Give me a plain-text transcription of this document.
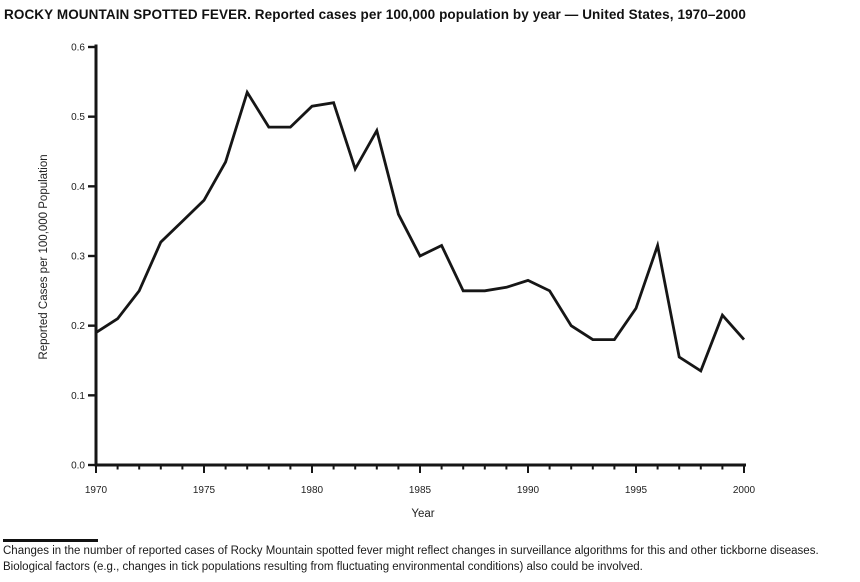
ROCKY MOUNTAIN SPOTTED FEVER. Reported cases per 100,000 population by year — United States, 1970–2000
0.0
0.1
0.2
0.3
0.4
0.5
0.6
1970	1975	1980	1985	1990	1995	2000
Year
Reported Cases per 100,000 Population
Changes in the number of reported cases of Rocky Mountain spotted fever might reflect changes in surveillance algorithms for this and other tickborne diseases. Biological factors (e.g., changes in tick populations resulting from fluctuating environmental conditions) also could be involved.
